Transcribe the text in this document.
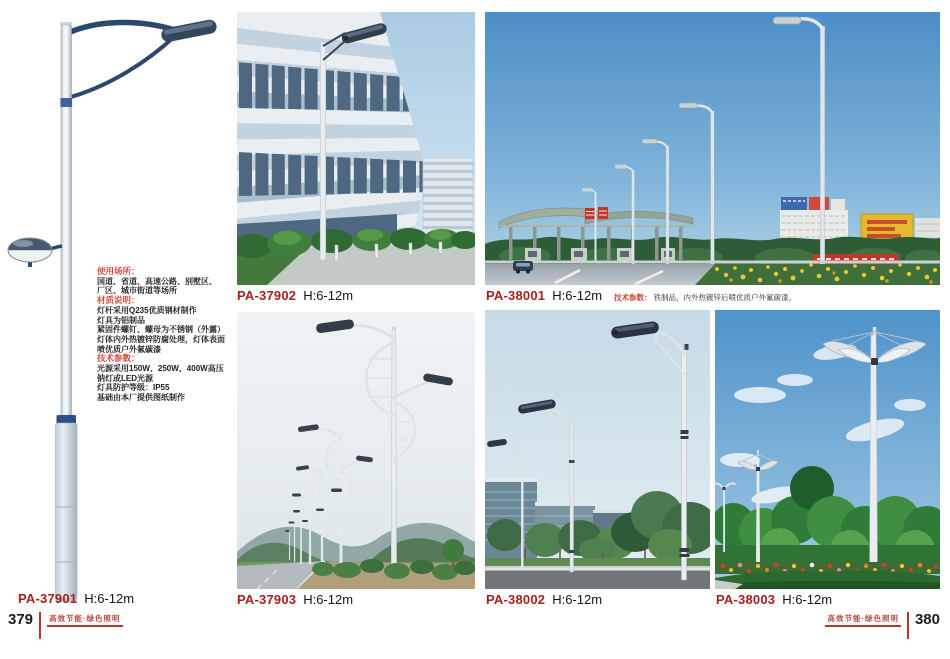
使用场所：
国道、省道、高速公路、别墅区、
厂区、城市街道等场所
材质说明：
灯杆采用Q235优质钢材制作
灯具为铝制品
紧固件螺钉、螺母为不锈钢（外露）
灯体内外热镀锌防腐处理，灯体表面
喷优质户外氟碳漆
技术参数：
光源采用150W、250W、400W高压
钠灯或LED光源
灯具防护等级：IP55
基础由本厂提供图纸制作
PA-37901 H:6-12m
PA-37902 H:6-12m
PA-37903 H:6-12m
PA-38001 H:6-12m 技术参数： 铁制品，内外热镀锌后喷优质户外氟碳漆。
PA-38002 H:6-12m	PA-38003 H:6-12m
379 高效节能·绿色照明	高效节能·绿色照明 380
